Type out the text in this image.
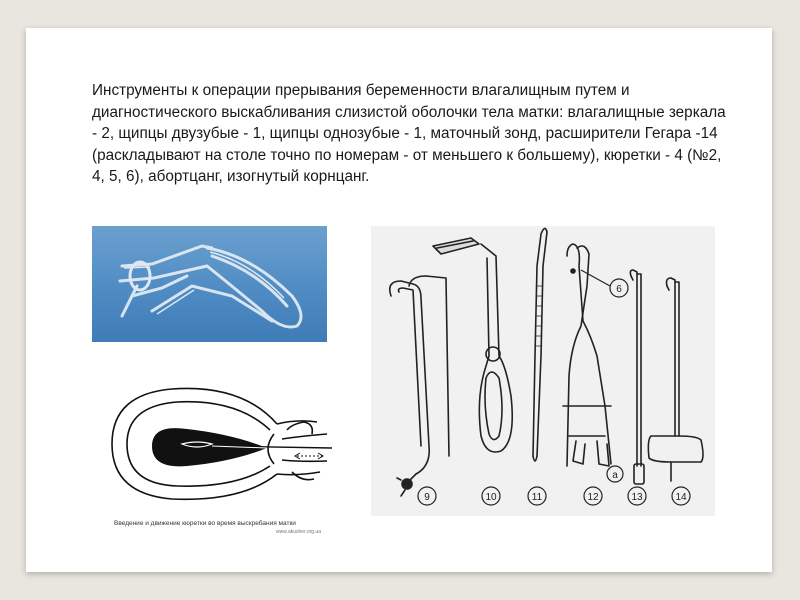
Инструменты к операции прерывания беременности влагалищным путем и диагностического выскабливания слизистой оболочки тела матки: влагалищные зеркала - 2, щипцы двузубые - 1, щипцы однозубые - 1, маточный зонд, расширители Гегара -14 (раскладывают на столе точно по номерам - от меньшего к большему), кюретки - 4 (№2, 4, 5, 6), абортцанг, изогнутый корнцанг.

Введение и движение кюретки во время выскребания матки
www.akusher.org.ua
9	10	11	12	13	14
6
а
